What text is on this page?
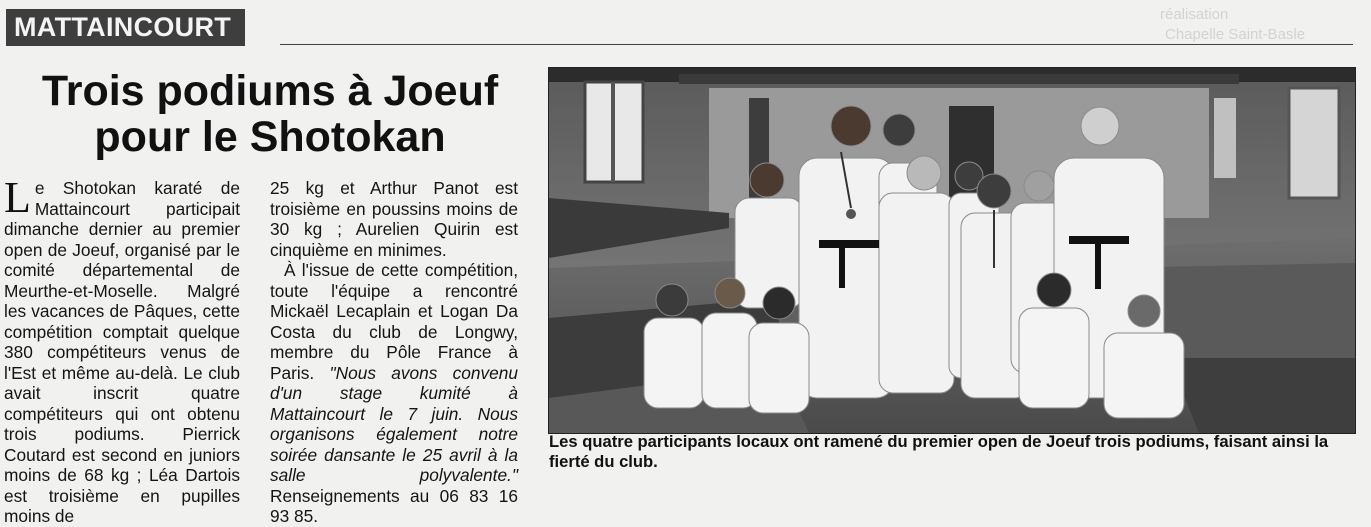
réalisation
Chapelle Saint-Basle
MATTAINCOURT
Trois podiums à Joeuf
pour le Shotokan

Le Shotokan karaté de Mattaincourt participait dimanche dernier au premier open de Joeuf, organisé par le comité départemental de Meurthe-et-Moselle. Malgré les vacances de Pâques, cette compétition comptait quelque 380 compétiteurs venus de l'Est et même au-delà. Le club avait inscrit quatre compétiteurs qui ont obtenu trois podiums. Pierrick Coutard est second en juniors moins de 68 kg ; Léa Dartois est troisième en pupilles moins de

25 kg et Arthur Panot est troisième en poussins moins de 30 kg ; Aurelien Quirin est cinquième en minimes.

À l'issue de cette compétition, toute l'équipe a rencontré Mickaël Lecaplain et Logan Da Costa du club de Longwy, membre du Pôle France à Paris. "Nous avons convenu d'un stage kumité à Mattaincourt le 7 juin. Nous organisons également notre soirée dansante le 25 avril à la salle polyvalente." Renseignements au 06 83 16 93 85.

Les quatre participants locaux ont ramené du premier open de Joeuf trois podiums, faisant ainsi la fierté du club.
